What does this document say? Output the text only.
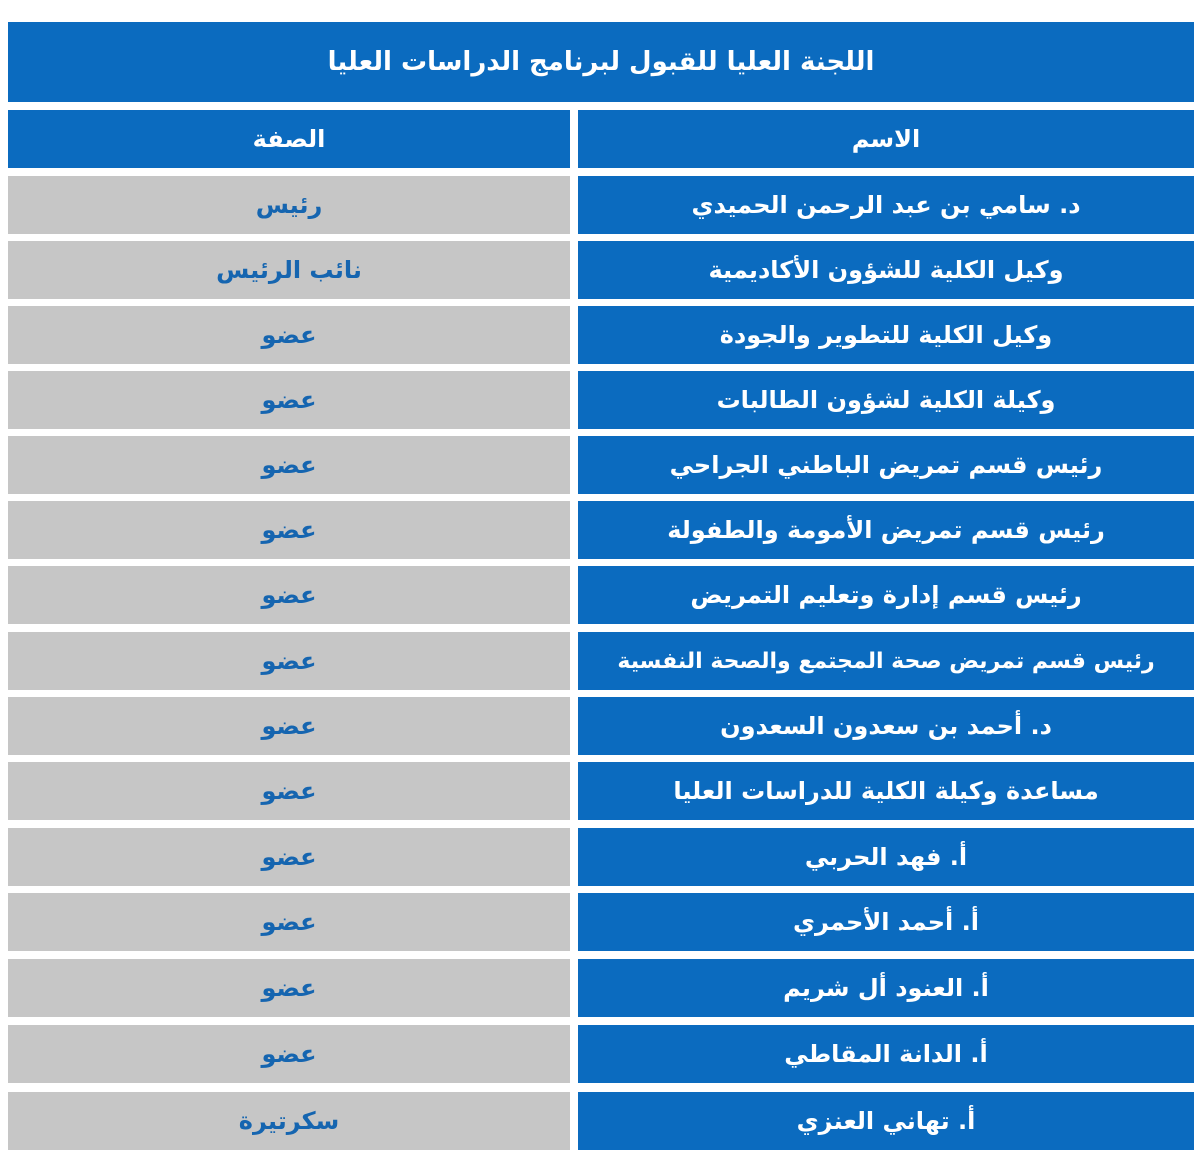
اللجنة العليا للقبول لبرنامج الدراسات العليا
الصفة	الاسم
رئيس	د. سامي بن عبد الرحمن الحميدي
نائب الرئيس	وكيل الكلية للشؤون الأكاديمية
عضو	وكيل الكلية للتطوير والجودة
عضو	وكيلة الكلية لشؤون الطالبات
عضو	رئيس قسم تمريض الباطني الجراحي
عضو	رئيس قسم تمريض الأمومة والطفولة
عضو	رئيس قسم إدارة وتعليم التمريض
عضو	رئيس قسم تمريض صحة المجتمع والصحة النفسية
عضو	د. أحمد بن سعدون السعدون
عضو	مساعدة وكيلة الكلية للدراسات العليا
عضو	أ. فهد الحربي
عضو	أ. أحمد الأحمري
عضو	أ. العنود أل شريم
عضو	أ. الدانة المقاطي
سكرتيرة	أ. تهاني العنزي
